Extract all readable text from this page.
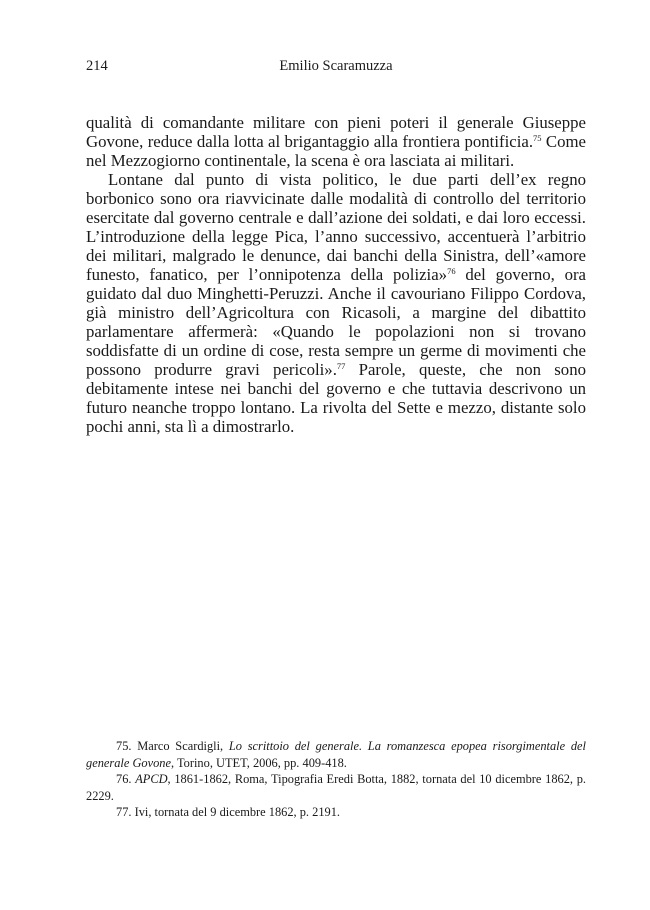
214	Emilio Scaramuzza

qualità di comandante militare con pieni poteri il generale Giuseppe Govone, reduce dalla lotta al brigantaggio alla frontiera pontificia.$^{75}$ Come nel Mezzogiorno continentale, la scena è ora lasciata ai militari.

Lontane dal punto di vista politico, le due parti dell’ex regno borbonico sono ora riavvicinate dalle modalità di controllo del territorio esercitate dal governo centrale e dall’azione dei soldati, e dai loro eccessi. L’introduzione della legge Pica, l’anno successivo, accentuerà l’arbitrio dei militari, malgrado le denunce, dai banchi della Sinistra, dell’«amore funesto, fanatico, per l’onnipotenza della polizia»$^{76}$ del governo, ora guidato dal duo Minghetti-Peruzzi. Anche il cavouriano Filippo Cordova, già ministro dell’Agricoltura con Ricasoli, a margine del dibattito parlamentare affermerà: «Quando le popolazioni non si trovano soddisfatte di un ordine di cose, resta sempre un germe di movimenti che possono produrre gravi pericoli».$^{77}$ Parole, queste, che non sono debitamente intese nei banchi del governo e che tuttavia descrivono un futuro neanche troppo lontano. La rivolta del Sette e mezzo, distante solo pochi anni, sta lì a dimostrarlo.

75. Marco Scardigli, Lo scrittoio del generale. La romanzesca epopea risorgimentale del generale Govone, Torino, UTET, 2006, pp. 409-418.

76. APCD, 1861-1862, Roma, Tipografia Eredi Botta, 1882, tornata del 10 dicembre 1862, p. 2229.

77. Ivi, tornata del 9 dicembre 1862, p. 2191.
